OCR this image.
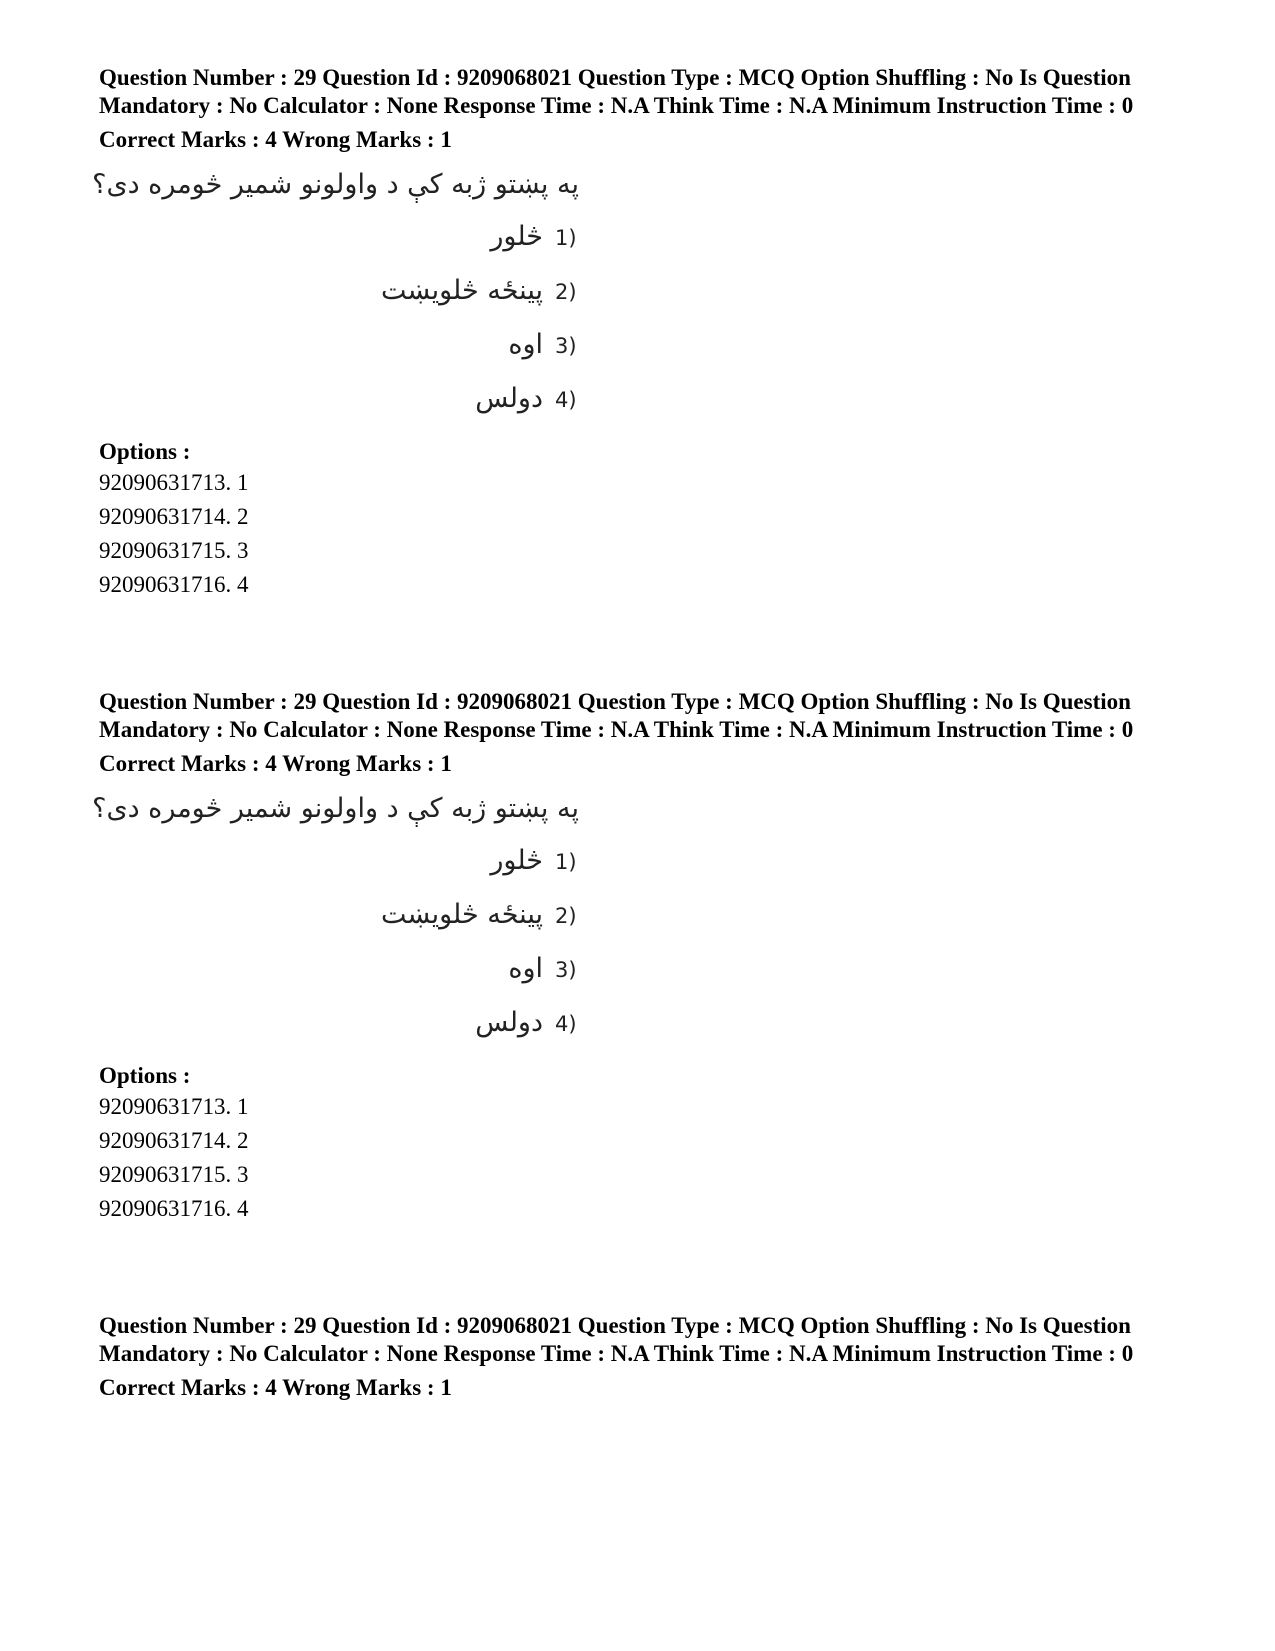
Question Number : 29 Question Id : 9209068021 Question Type : MCQ Option Shuffling : No Is Question Mandatory : No Calculator : None Response Time : N.A Think Time : N.A Minimum Instruction Time : 0

Correct Marks : 4 Wrong Marks : 1
په پښتو ژبه کې د واولونو شمیر څومره دی؟
څلور 1)
پینځه څلویښت 2)
اوه 3)
دولس 4)
Options :
92090631713. 1
92090631714. 2
92090631715. 3
92090631716. 4

Question Number : 29 Question Id : 9209068021 Question Type : MCQ Option Shuffling : No Is Question Mandatory : No Calculator : None Response Time : N.A Think Time : N.A Minimum Instruction Time : 0

Correct Marks : 4 Wrong Marks : 1
په پښتو ژبه کې د واولونو شمیر څومره دی؟
څلور 1)
پینځه څلویښت 2)
اوه 3)
دولس 4)
Options :
92090631713. 1
92090631714. 2
92090631715. 3
92090631716. 4

Question Number : 29 Question Id : 9209068021 Question Type : MCQ Option Shuffling : No Is Question Mandatory : No Calculator : None Response Time : N.A Think Time : N.A Minimum Instruction Time : 0

Correct Marks : 4 Wrong Marks : 1
